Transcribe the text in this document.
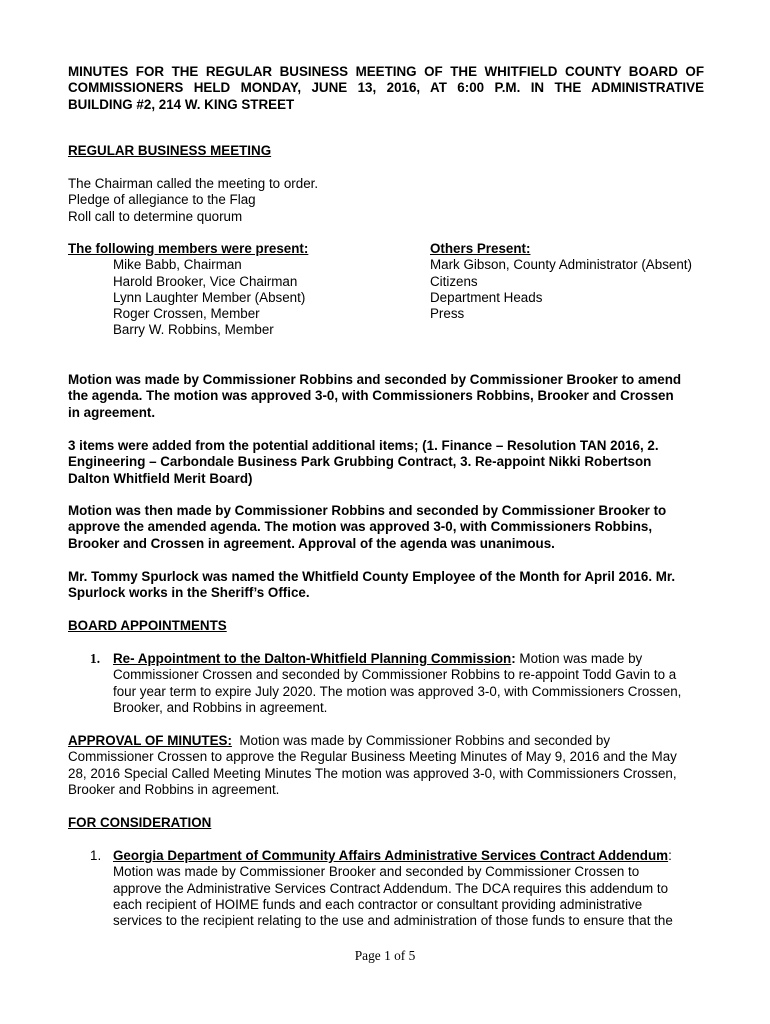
MINUTES FOR THE REGULAR BUSINESS MEETING OF THE WHITFIELD COUNTY BOARD OF
COMMISSIONERS HELD MONDAY, JUNE 13, 2016, AT 6:00 P.M. IN THE ADMINISTRATIVE
BUILDING #2, 214 W. KING STREET
REGULAR BUSINESS MEETING
The Chairman called the meeting to order.
Pledge of allegiance to the Flag
Roll call to determine quorum
The following members were present:
Mike Babb, Chairman
Harold Brooker, Vice Chairman
Lynn Laughter Member (Absent)
Roger Crossen, Member
Barry W. Robbins, Member
Others Present:
Mark Gibson, County Administrator (Absent)
Citizens
Department Heads
Press
Motion was made by Commissioner Robbins and seconded by Commissioner Brooker to amend
the agenda. The motion was approved 3-0, with Commissioners Robbins, Brooker and Crossen
in agreement.
3 items were added from the potential additional items; (1. Finance – Resolution TAN 2016, 2.
Engineering – Carbondale Business Park Grubbing Contract, 3. Re-appoint Nikki Robertson
Dalton Whitfield Merit Board)
Motion was then made by Commissioner Robbins and seconded by Commissioner Brooker to
approve the amended agenda. The motion was approved 3-0, with Commissioners Robbins,
Brooker and Crossen in agreement. Approval of the agenda was unanimous.
Mr. Tommy Spurlock was named the Whitfield County Employee of the Month for April 2016. Mr.
Spurlock works in the Sheriff’s Office.
BOARD APPOINTMENTS
1. Re- Appointment to the Dalton-Whitfield Planning Commission: Motion was made by
Commissioner Crossen and seconded by Commissioner Robbins to re-appoint Todd Gavin to a
four year term to expire July 2020. The motion was approved 3-0, with Commissioners Crossen,
Brooker, and Robbins in agreement.
APPROVAL OF MINUTES:  Motion was made by Commissioner Robbins and seconded by
Commissioner Crossen to approve the Regular Business Meeting Minutes of May 9, 2016 and the May
28, 2016 Special Called Meeting Minutes The motion was approved 3-0, with Commissioners Crossen,
Brooker and Robbins in agreement.
FOR CONSIDERATION
1. Georgia Department of Community Affairs Administrative Services Contract Addendum:
Motion was made by Commissioner Brooker and seconded by Commissioner Crossen to
approve the Administrative Services Contract Addendum. The DCA requires this addendum to
each recipient of HOIME funds and each contractor or consultant providing administrative
services to the recipient relating to the use and administration of those funds to ensure that the
Page 1 of 5
